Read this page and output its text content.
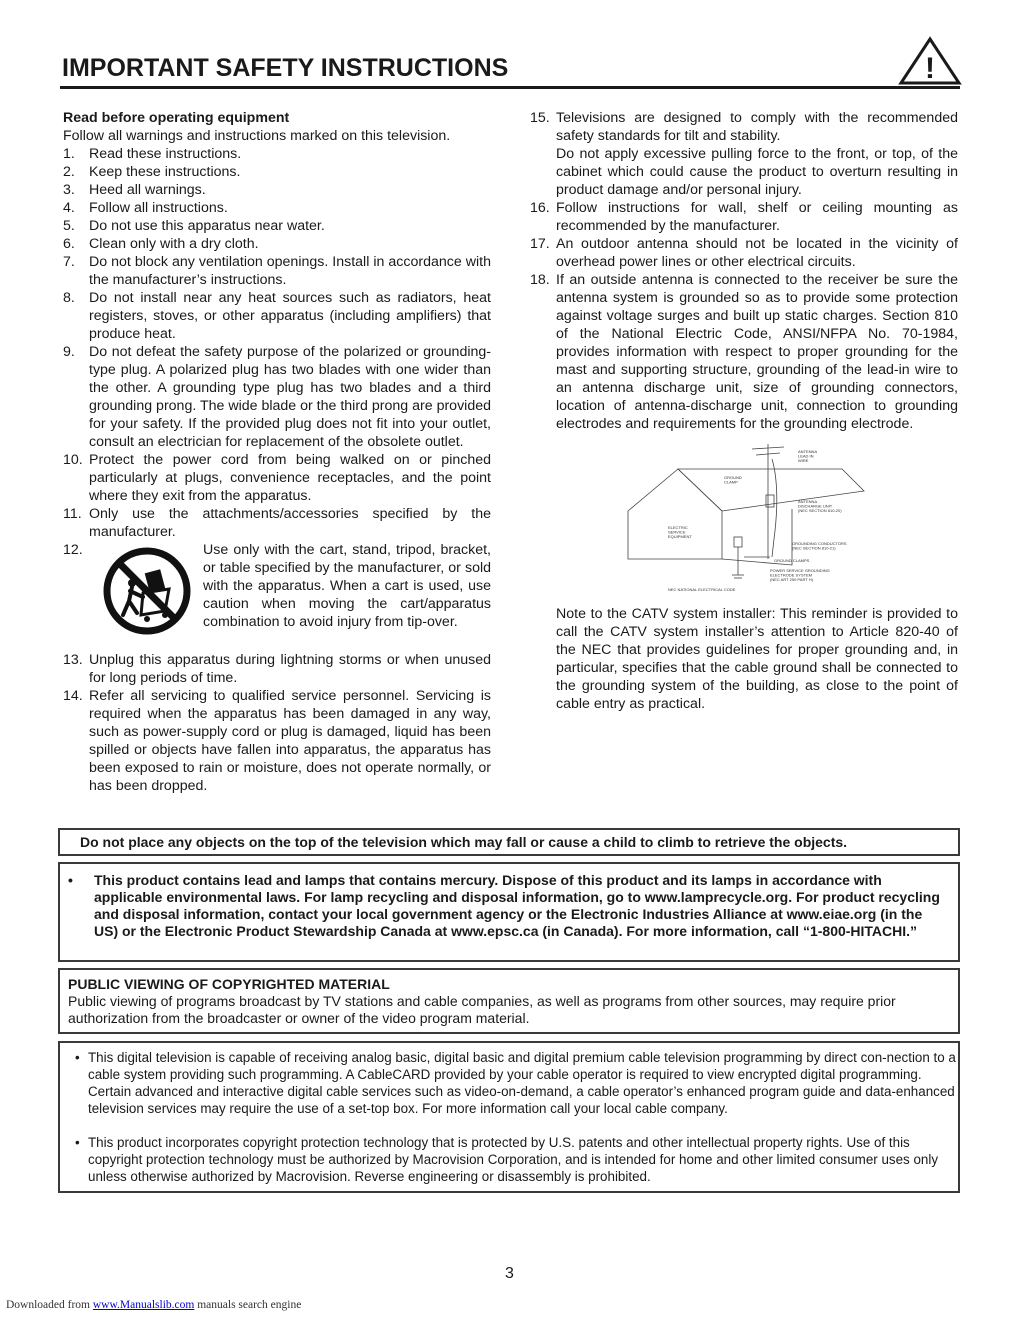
IMPORTANT SAFETY INSTRUCTIONS	!
Read before operating equipment
Follow all warnings and instructions marked on this television.
1. Read these instructions.
2. Keep these instructions.
3. Heed all warnings.
4. Follow all instructions.
5. Do not use this apparatus near water.
6. Clean only with a dry cloth.
7. Do not block any ventilation openings. Install in accordance with the manufacturer’s instructions.
8. Do not install near any heat sources such as radiators, heat registers, stoves, or other apparatus (including amplifiers) that produce heat.
9. Do not defeat the safety purpose of the polarized or grounding-type plug. A polarized plug has two blades with one wider than the other. A grounding type plug has two blades and a third grounding prong. The wide blade or the third prong are provided for your safety. If the provided plug does not fit into your outlet, consult an electrician for replacement of the obsolete outlet.
10. Protect the power cord from being walked on or pinched particularly at plugs, convenience receptacles, and the point where they exit from the apparatus.
11. Only use the attachments/accessories specified by the manufacturer.
12.	Use only with the cart, stand, tripod, bracket, or table specified by the manufacturer, or sold with the apparatus. When a cart is used, use caution when moving the cart/apparatus combination to avoid injury from tip-over.
13. Unplug this apparatus during lightning storms or when unused for long periods of time.
14. Refer all servicing to qualified service personnel. Servicing is required when the apparatus has been damaged in any way, such as power-supply cord or plug is damaged, liquid has been spilled or objects have fallen into apparatus, the apparatus has been exposed to rain or moisture, does not operate normally, or has been dropped.
15. Televisions are designed to comply with the recommended safety standards for tilt and stability.
Do not apply excessive pulling force to the front, or top, of the cabinet which could cause the product to overturn resulting in product damage and/or personal injury.
16. Follow instructions for wall, shelf or ceiling mounting as recommended by the manufacturer.
17. An outdoor antenna should not be located in the vicinity of overhead power lines or other electrical circuits.
18. If an outside antenna is connected to the receiver be sure the antenna system is grounded so as to provide some protection against voltage surges and built up static charges. Section 810 of the National Electric Code, ANSI/NFPA No. 70-1984, provides information with respect to proper grounding for the mast and supporting structure, grounding of the lead-in wire to an antenna discharge unit, size of grounding connectors, location of antenna-discharge unit, connection to grounding electrodes and requirements for the grounding electrode.
ANTENNA
LEAD IN
WIRE
GROUND
CLAMP
ANTENNA
DISCHARGE UNIT
(NEC SECTION 810-20)
ELECTRIC
SERVICE
EQUIPMENT
GROUNDING CONDUCTORS
(NEC SECTION 810-21)
GROUND CLAMPS
POWER SERVICE GROUNDING
ELECTRODE SYSTEM
(NEC ART 250 PART H)
NEC NATIONAL ELECTRICAL CODE
Note to the CATV system installer: This reminder is provided to call the CATV system installer’s attention to Article 820-40 of the NEC that provides guidelines for proper grounding and, in particular, specifies that the cable ground shall be connected to the grounding system of the building, as close to the point of cable entry as practical.
Do not place any objects on the top of the television which may fall or cause a child to climb to retrieve the objects.
• This product contains lead and lamps that contains mercury. Dispose of this product and its lamps in accordance with applicable environmental laws. For lamp recycling and disposal information, go to www.lamprecycle.org. For product recycling and disposal information, contact your local government agency or the Electronic Industries Alliance at www.eiae.org (in the US) or the Electronic Product Stewardship Canada at www.epsc.ca (in Canada). For more information, call “1-800-HITACHI.”
PUBLIC VIEWING OF COPYRIGHTED MATERIAL
Public viewing of programs broadcast by TV stations and cable companies, as well as programs from other sources, may require prior authorization from the broadcaster or owner of the video program material.
• This digital television is capable of receiving analog basic, digital basic and digital premium cable television programming by direct con-nection to a cable system providing such programming. A CableCARD provided by your cable operator is required to view encrypted digital programming. Certain advanced and interactive digital cable services such as video-on-demand, a cable operator’s enhanced program guide and data-enhanced television services may require the use of a set-top box. For more information call your local cable company.
• This product incorporates copyright protection technology that is protected by U.S. patents and other intellectual property rights. Use of this copyright protection technology must be authorized by Macrovision Corporation, and is intended for home and other limited consumer uses only unless otherwise authorized by Macrovision. Reverse engineering or disassembly is prohibited.
3
Downloaded from www.Manualslib.com manuals search engine
